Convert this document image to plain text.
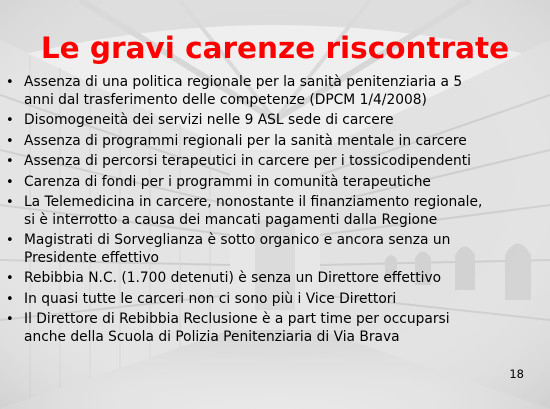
Le gravi carenze riscontrate
• Assenza di una politica regionale per la sanità penitenziaria a 5
anni dal trasferimento delle competenze (DPCM 1/4/2008)
• Disomogeneità dei servizi nelle 9 ASL sede di carcere
• Assenza di programmi regionali per la sanità mentale in carcere
• Assenza di percorsi terapeutici in carcere per i tossicodipendenti
• Carenza di fondi per i programmi in comunità terapeutiche
• La Telemedicina in carcere, nonostante il finanziamento regionale,
si è interrotto a causa dei mancati pagamenti dalla Regione
• Magistrati di Sorveglianza è sotto organico e ancora senza un
Presidente effettivo
• Rebibbia N.C. (1.700 detenuti) è senza un Direttore effettivo
• In quasi tutte le carceri non ci sono più i Vice Direttori
• Il Direttore di Rebibbia Reclusione è a part time per occuparsi
anche della Scuola di Polizia Penitenziaria di Via Brava
18
